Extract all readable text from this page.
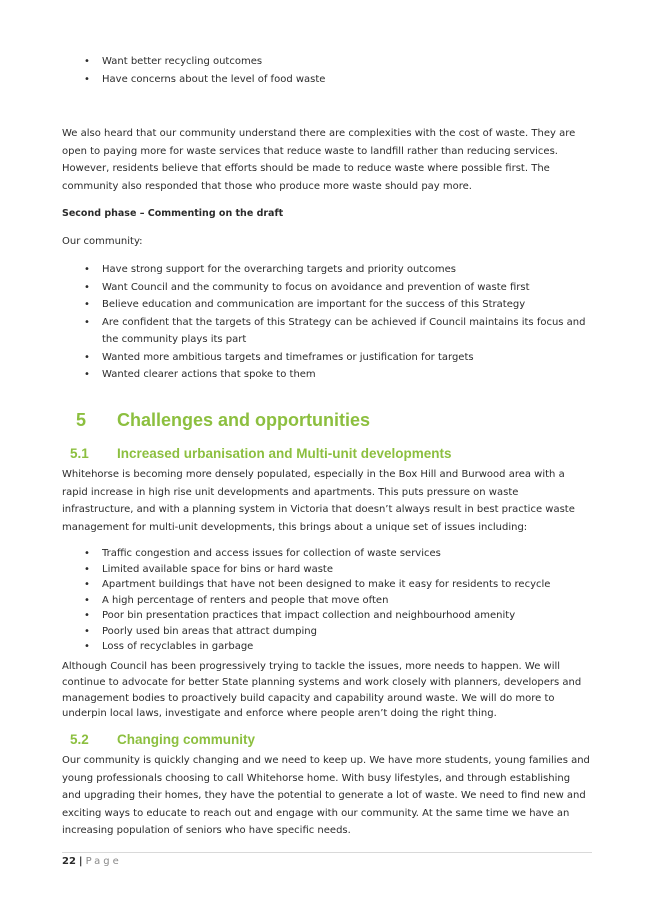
• Want better recycling outcomes
• Have concerns about the level of food waste

We also heard that our community understand there are complexities with the cost of waste. They are open to paying more for waste services that reduce waste to landfill rather than reducing services. However, residents believe that efforts should be made to reduce waste where possible first. The community also responded that those who produce more waste should pay more.

Second phase – Commenting on the draft

Our community:

• Have strong support for the overarching targets and priority outcomes
• Want Council and the community to focus on avoidance and prevention of waste first
• Believe education and communication are important for the success of this Strategy
• Are confident that the targets of this Strategy can be achieved if Council maintains its focus and the community plays its part
• Wanted more ambitious targets and timeframes or justification for targets
• Wanted clearer actions that spoke to them
5 Challenges and opportunities
5.1 Increased urbanisation and Multi-unit developments

Whitehorse is becoming more densely populated, especially in the Box Hill and Burwood area with a rapid increase in high rise unit developments and apartments. This puts pressure on waste infrastructure, and with a planning system in Victoria that doesn’t always result in best practice waste management for multi-unit developments, this brings about a unique set of issues including:

• Traffic congestion and access issues for collection of waste services
• Limited available space for bins or hard waste
• Apartment buildings that have not been designed to make it easy for residents to recycle
• A high percentage of renters and people that move often
• Poor bin presentation practices that impact collection and neighbourhood amenity
• Poorly used bin areas that attract dumping
• Loss of recyclables in garbage

Although Council has been progressively trying to tackle the issues, more needs to happen. We will continue to advocate for better State planning systems and work closely with planners, developers and management bodies to proactively build capacity and capability around waste. We will do more to underpin local laws, investigate and enforce where people aren’t doing the right thing.

5.2 Changing community

Our community is quickly changing and we need to keep up. We have more students, young families and young professionals choosing to call Whitehorse home. With busy lifestyles, and through establishing and upgrading their homes, they have the potential to generate a lot of waste. We need to find new and exciting ways to educate to reach out and engage with our community. At the same time we have an increasing population of seniors who have specific needs.

22 | Page
